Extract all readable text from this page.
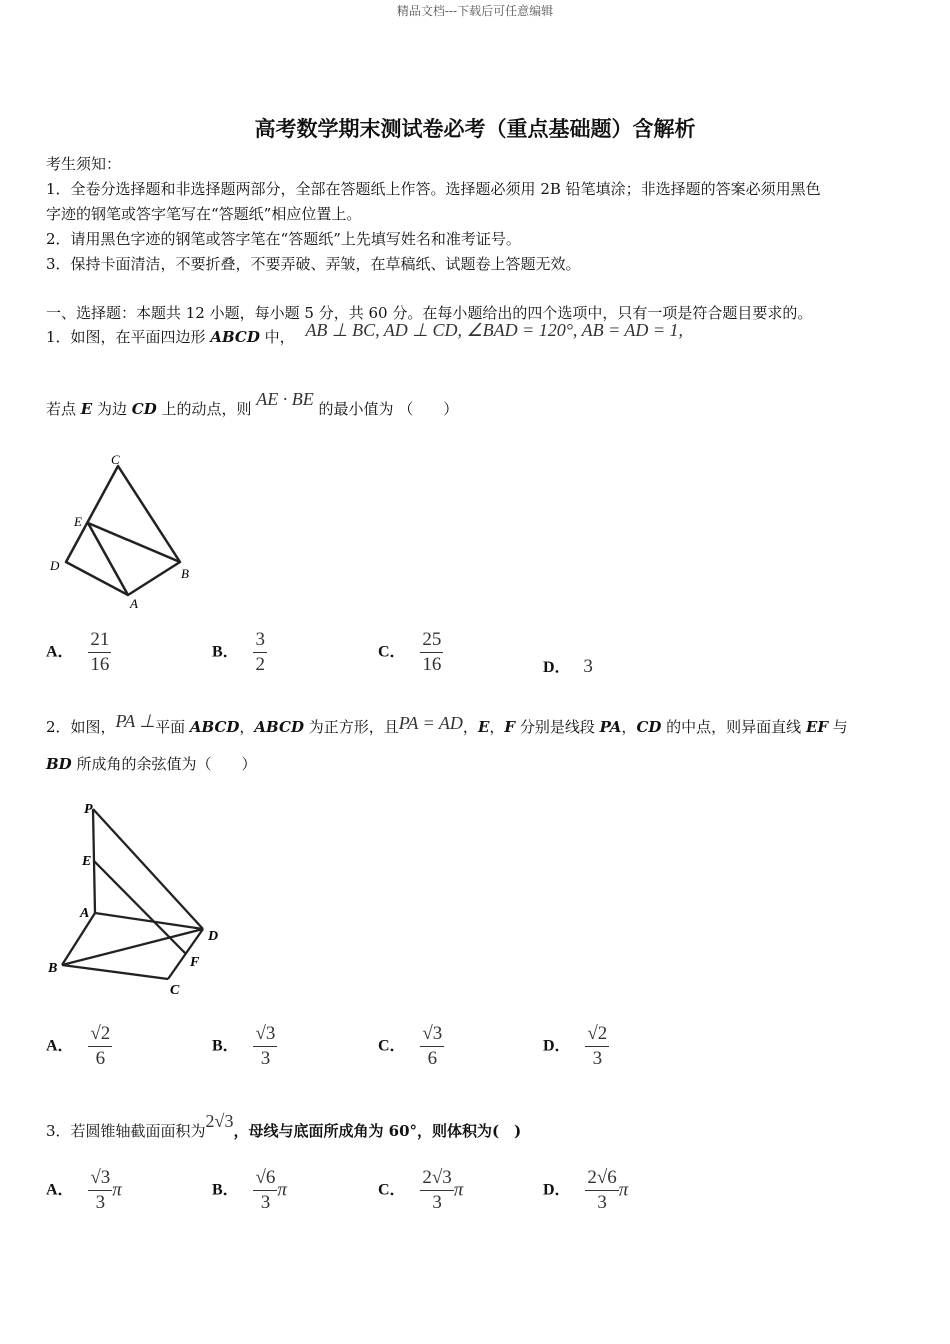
精品文档---下载后可任意编辑
高考数学期末测试卷必考（重点基础题）含解析
考生须知：
1．全卷分选择题和非选择题两部分，全部在答题纸上作答。选择题必须用 2B 铅笔填涂；非选择题的答案必须用黑色
字迹的钢笔或答字笔写在“答题纸”相应位置上。
2．请用黑色字迹的钢笔或答字笔在“答题纸”上先填写姓名和准考证号。
3．保持卡面清洁，不要折叠，不要弄破、弄皱，在草稿纸、试题卷上答题无效。
一、选择题：本题共 12 小题，每小题 5 分，共 60 分。在每小题给出的四个选项中，只有一项是符合题目要求的。
1．如图，在平面四边形 ABCD 中， AB ⊥ BC, AD ⊥ CD, ∠BAD = 120°, AB = AD = 1,
若点 E 为边 CD 上的动点，则 AE · BE 的最小值为 （　　）
C
E
D
B
A
A． $\frac{21}{16}$	B． $\frac{3}{2}$	C． $\frac{25}{16}$	D． 3
2．如图，PA ⊥平面 ABCD，ABCD 为正方形，且PA = AD，E，F 分别是线段 PA，CD 的中点，则异面直线 EF 与
BD 所成角的余弦值为（　　）
P
E
A
D
B	F
C
A． $\frac{√2}{6}$	B． $\frac{√3}{3}$	C． $\frac{√3}{6}$	D． $\frac{√2}{3}$
3．若圆锥轴截面面积为2√3，母线与底面所成角为 60°，则体积为(　)
A． $\frac{√3}{3}$ π	B． $\frac{√6}{3}$ π	C． $\frac{2√3}{3}$ π	D． $\frac{2√6}{3}$ π
